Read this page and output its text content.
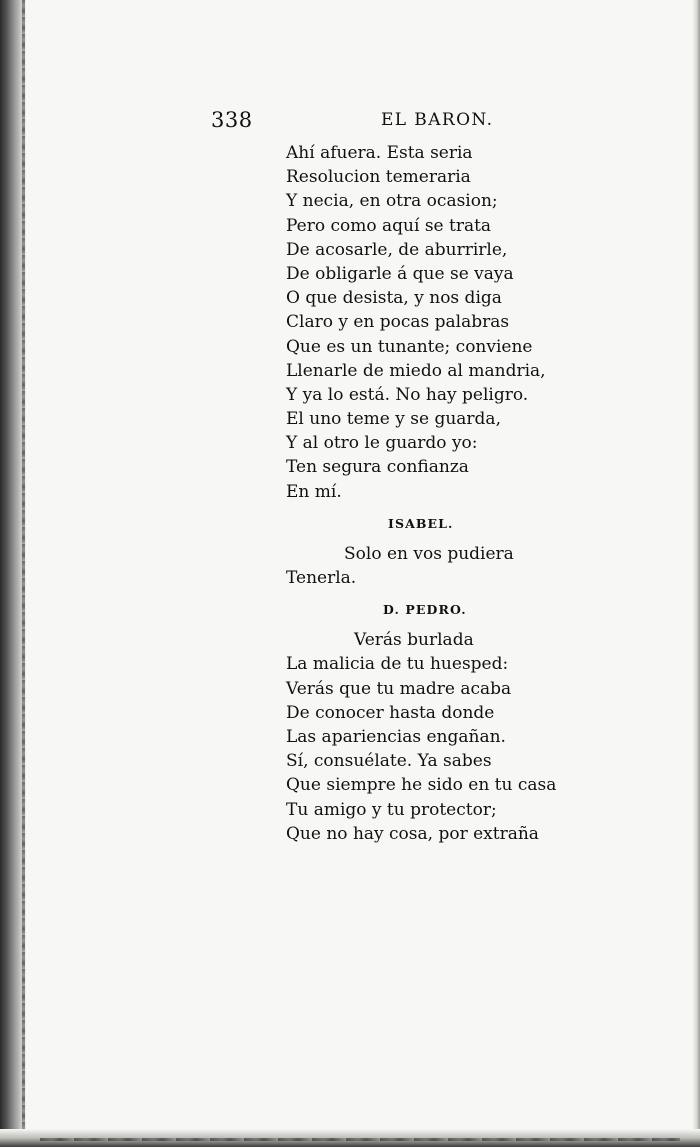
338	EL BARON.
Ahí afuera. Esta seria
Resolucion temeraria
Y necia, en otra ocasion;
Pero como aquí se trata
De acosarle, de aburrirle,
De obligarle á que se vaya
O que desista, y nos diga
Claro y en pocas palabras
Que es un tunante; conviene
Llenarle de miedo al mandria,
Y ya lo está. No hay peligro.
El uno teme y se guarda,
Y al otro le guardo yo:
Ten segura confianza
En mí.
ISABEL.
Solo en vos pudiera
Tenerla.
D. PEDRO.
Verás burlada
La malicia de tu huesped:
Verás que tu madre acaba
De conocer hasta donde
Las apariencias engañan.
Sí, consuélate. Ya sabes
Que siempre he sido en tu casa
Tu amigo y tu protector;
Que no hay cosa, por extraña
